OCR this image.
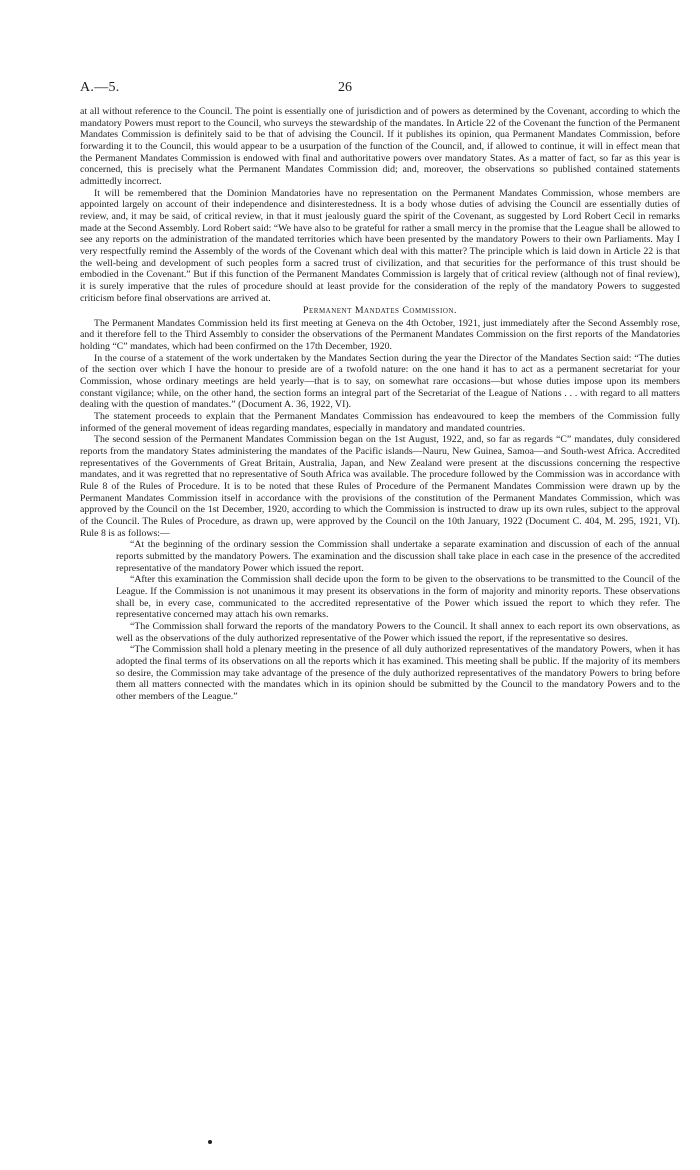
A.—5.	26

at all without reference to the Council. The point is essentially one of jurisdiction and of powers as determined by the Covenant, according to which the mandatory Powers must report to the Council, who surveys the stewardship of the mandates. In Article 22 of the Covenant the function of the Permanent Mandates Commission is definitely said to be that of advising the Council. If it publishes its opinion, qua Permanent Mandates Commission, before forwarding it to the Council, this would appear to be a usurpation of the function of the Council, and, if allowed to continue, it will in effect mean that the Permanent Mandates Commission is endowed with final and authoritative powers over mandatory States. As a matter of fact, so far as this year is concerned, this is precisely what the Permanent Mandates Commission did; and, moreover, the observations so published contained statements admittedly incorrect.

It will be remembered that the Dominion Mandatories have no representation on the Permanent Mandates Commission, whose members are appointed largely on account of their independence and disinterestedness. It is a body whose duties of advising the Council are essentially duties of review, and, it may be said, of critical review, in that it must jealously guard the spirit of the Covenant, as suggested by Lord Robert Cecil in remarks made at the Second Assembly. Lord Robert said: “We have also to be grateful for rather a small mercy in the promise that the League shall be allowed to see any reports on the administration of the mandated territories which have been presented by the mandatory Powers to their own Parliaments. May I very respectfully remind the Assembly of the words of the Covenant which deal with this matter? The principle which is laid down in Article 22 is that the well-being and development of such peoples form a sacred trust of civilization, and that securities for the performance of this trust should be embodied in the Covenant.” But if this function of the Permanent Mandates Commission is largely that of critical review (although not of final review), it is surely imperative that the rules of procedure should at least provide for the consideration of the reply of the mandatory Powers to suggested criticism before final observations are arrived at.

Permanent Mandates Commission.

The Permanent Mandates Commission held its first meeting at Geneva on the 4th October, 1921, just immediately after the Second Assembly rose, and it therefore fell to the Third Assembly to consider the observations of the Permanent Mandates Commission on the first reports of the Mandatories holding “C” mandates, which had been confirmed on the 17th December, 1920.

In the course of a statement of the work undertaken by the Mandates Section during the year the Director of the Mandates Section said: “The duties of the section over which I have the honour to preside are of a twofold nature: on the one hand it has to act as a permanent secretariat for your Commission, whose ordinary meetings are held yearly—that is to say, on somewhat rare occasions—but whose duties impose upon its members constant vigilance; while, on the other hand, the section forms an integral part of the Secretariat of the League of Nations . . . with regard to all matters dealing with the question of mandates.” (Document A. 36, 1922, VI).

The statement proceeds to explain that the Permanent Mandates Commission has endeavoured to keep the members of the Commission fully informed of the general movement of ideas regarding mandates, especially in mandatory and mandated countries.

The second session of the Permanent Mandates Commission began on the 1st August, 1922, and, so far as regards “C” mandates, duly considered reports from the mandatory States administering the mandates of the Pacific islands—Nauru, New Guinea, Samoa—and South-west Africa. Accredited representatives of the Governments of Great Britain, Australia, Japan, and New Zealand were present at the discussions concerning the respective mandates, and it was regretted that no representative of South Africa was available. The procedure followed by the Commission was in accordance with Rule 8 of the Rules of Procedure. It is to be noted that these Rules of Procedure of the Permanent Mandates Commission were drawn up by the Permanent Mandates Commission itself in accordance with the provisions of the constitution of the Permanent Mandates Commission, which was approved by the Council on the 1st December, 1920, according to which the Commission is instructed to draw up its own rules, subject to the approval of the Council. The Rules of Procedure, as drawn up, were approved by the Council on the 10th January, 1922 (Document C. 404, M. 295, 1921, VI). Rule 8 is as follows:—

“At the beginning of the ordinary session the Commission shall undertake a separate examination and discussion of each of the annual reports submitted by the mandatory Powers. The examination and the discussion shall take place in each case in the presence of the accredited representative of the mandatory Power which issued the report.

“After this examination the Commission shall decide upon the form to be given to the observations to be transmitted to the Council of the League. If the Commission is not unanimous it may present its observations in the form of majority and minority reports. These observations shall be, in every case, communicated to the accredited representative of the Power which issued the report to which they refer. The representative concerned may attach his own remarks.

“The Commission shall forward the reports of the mandatory Powers to the Council. It shall annex to each report its own observations, as well as the observations of the duly authorized representative of the Power which issued the report, if the representative so desires.

“The Commission shall hold a plenary meeting in the presence of all duly authorized representatives of the mandatory Powers, when it has adopted the final terms of its observations on all the reports which it has examined. This meeting shall be public. If the majority of its members so desire, the Commission may take advantage of the presence of the duly authorized representatives of the mandatory Powers to bring before them all matters connected with the mandates which in its opinion should be submitted by the Council to the mandatory Powers and to the other members of the League.”
